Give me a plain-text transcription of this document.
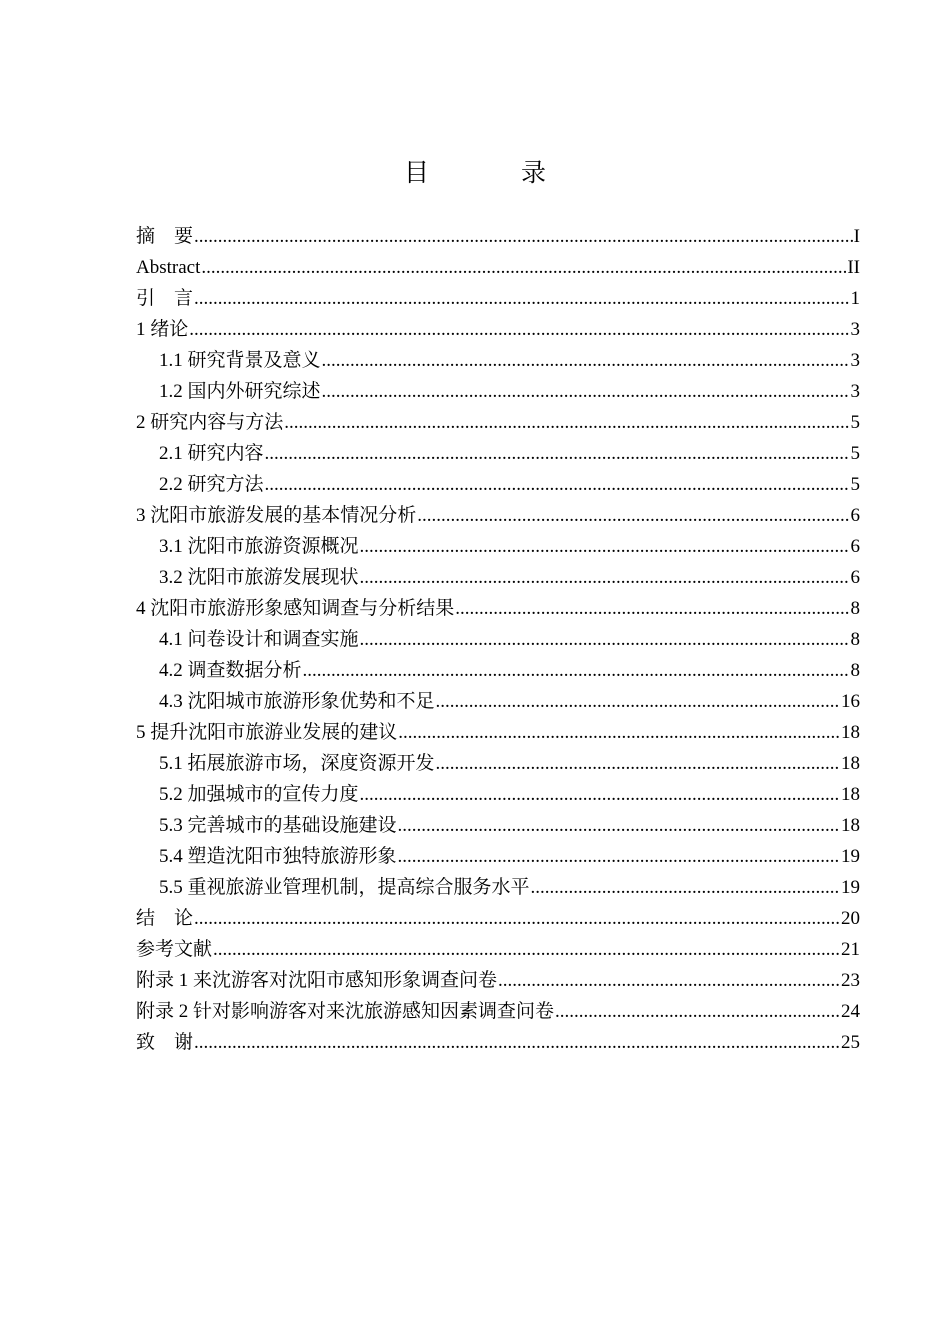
目 录
摘　要 .....	I
Abstract .....	II
引　言 .....	1
1 绪论 .....	3
1.1 研究背景及意义 .....	3
1.2 国内外研究综述 .....	3
2 研究内容与方法 .....	5
2.1 研究内容 .....	5
2.2 研究方法 .....	5
3 沈阳市旅游发展的基本情况分析 .....	6
3.1 沈阳市旅游资源概况 .....	6
3.2 沈阳市旅游发展现状 .....	6
4 沈阳市旅游形象感知调查与分析结果 .....	8
4.1 问卷设计和调查实施 .....	8
4.2 调查数据分析 .....	8
4.3 沈阳城市旅游形象优势和不足 .....	16
5 提升沈阳市旅游业发展的建议 .....	18
5.1 拓展旅游市场，深度资源开发 .....	18
5.2 加强城市的宣传力度 .....	18
5.3 完善城市的基础设施建设 .....	18
5.4 塑造沈阳市独特旅游形象 .....	19
5.5 重视旅游业管理机制，提高综合服务水平 .....	19
结　论 .....	20
参考文献 .....	21
附录 1 来沈游客对沈阳市感知形象调查问卷 .....	23
附录 2 针对影响游客对来沈旅游感知因素调查问卷 .....	24
致　谢 .....	25
